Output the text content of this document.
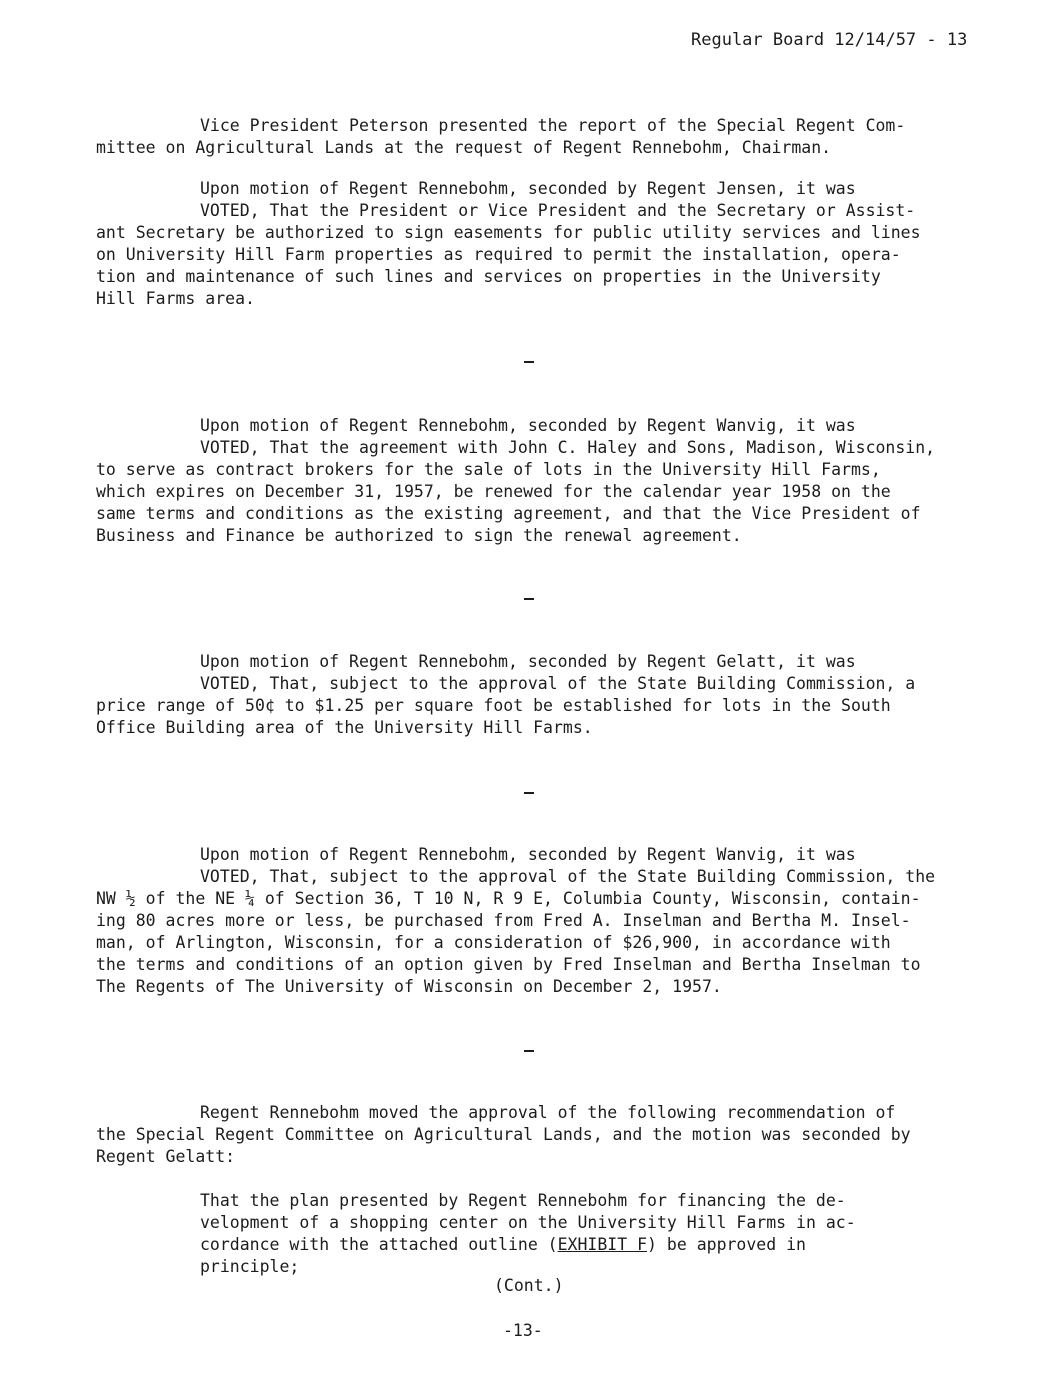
Regular Board 12/14/57 - 13
Vice President Peterson presented the report of the Special Regent Com-
mittee on Agricultural Lands at the request of Regent Rennebohm, Chairman.
Upon motion of Regent Rennebohm, seconded by Regent Jensen, it was
VOTED, That the President or Vice President and the Secretary or Assist-
ant Secretary be authorized to sign easements for public utility services and lines
on University Hill Farm properties as required to permit the installation, opera-
tion and maintenance of such lines and services on properties in the University
Hill Farms area.
Upon motion of Regent Rennebohm, seconded by Regent Wanvig, it was
VOTED, That the agreement with John C. Haley and Sons, Madison, Wisconsin,
to serve as contract brokers for the sale of lots in the University Hill Farms,
which expires on December 31, 1957, be renewed for the calendar year 1958 on the
same terms and conditions as the existing agreement, and that the Vice President of
Business and Finance be authorized to sign the renewal agreement.
Upon motion of Regent Rennebohm, seconded by Regent Gelatt, it was
VOTED, That, subject to the approval of the State Building Commission, a
price range of 50¢ to $1.25 per square foot be established for lots in the South
Office Building area of the University Hill Farms.
Upon motion of Regent Rennebohm, seconded by Regent Wanvig, it was
VOTED, That, subject to the approval of the State Building Commission, the
NW ½ of the NE ¼ of Section 36, T 10 N, R 9 E, Columbia County, Wisconsin, contain-
ing 80 acres more or less, be purchased from Fred A. Inselman and Bertha M. Insel-
man, of Arlington, Wisconsin, for a consideration of $26,900, in accordance with
the terms and conditions of an option given by Fred Inselman and Bertha Inselman to
The Regents of The University of Wisconsin on December 2, 1957.
Regent Rennebohm moved the approval of the following recommendation of
the Special Regent Committee on Agricultural Lands, and the motion was seconded by
Regent Gelatt:
That the plan presented by Regent Rennebohm for financing the de-
velopment of a shopping center on the University Hill Farms in ac-
cordance with the attached outline (EXHIBIT F) be approved in
principle;
(Cont.)
-13-
